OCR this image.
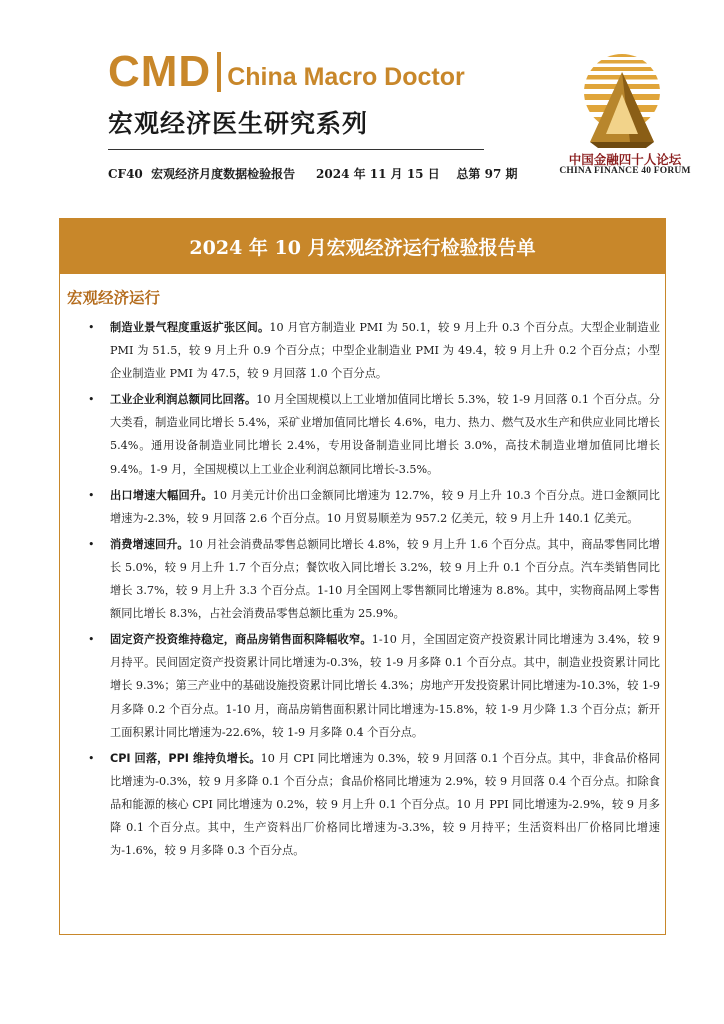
CMD China Macro Doctor
宏观经济医生研究系列
CF40  宏观经济月度数据检验报告     2024 年 11 月 15 日    总第 97 期
中国金融四十人论坛
CHINA FINANCE 40 FORUM
2024 年 10 月宏观经济运行检验报告单
宏观经济运行
• 制造业景气程度重返扩张区间。10 月官方制造业 PMI 为 50.1，较 9 月上升 0.3 个百分点。大型企业制造业 PMI 为 51.5，较 9 月上升 0.9 个百分点；中型企业制造业 PMI 为 49.4，较 9 月上升 0.2 个百分点；小型企业制造业 PMI 为 47.5，较 9 月回落 1.0 个百分点。
• 工业企业利润总额同比回落。10 月全国规模以上工业增加值同比增长 5.3%，较 1-9 月回落 0.1 个百分点。分大类看，制造业同比增长 5.4%，采矿业增加值同比增长 4.6%，电力、热力、燃气及水生产和供应业同比增长 5.4%。通用设备制造业同比增长 2.4%，专用设备制造业同比增长 3.0%，高技术制造业增加值同比增长 9.4%。1-9 月，全国规模以上工业企业利润总额同比增长-3.5%。
• 出口增速大幅回升。10 月美元计价出口金额同比增速为 12.7%，较 9 月上升 10.3 个百分点。进口金额同比增速为-2.3%，较 9 月回落 2.6 个百分点。10 月贸易顺差为 957.2 亿美元，较 9 月上升 140.1 亿美元。
• 消费增速回升。10 月社会消费品零售总额同比增长 4.8%，较 9 月上升 1.6 个百分点。其中，商品零售同比增长 5.0%，较 9 月上升 1.7 个百分点；餐饮收入同比增长 3.2%，较 9 月上升 0.1 个百分点。汽车类销售同比增长 3.7%，较 9 月上升 3.3 个百分点。1-10 月全国网上零售额同比增速为 8.8%。其中，实物商品网上零售额同比增长 8.3%，占社会消费品零售总额比重为 25.9%。
• 固定资产投资维持稳定，商品房销售面积降幅收窄。1-10 月，全国固定资产投资累计同比增速为 3.4%，较 9 月持平。民间固定资产投资累计同比增速为-0.3%，较 1-9 月多降 0.1 个百分点。其中，制造业投资累计同比增长 9.3%；第三产业中的基础设施投资累计同比增长 4.3%；房地产开发投资累计同比增速为-10.3%，较 1-9 月多降 0.2 个百分点。1-10 月，商品房销售面积累计同比增速为-15.8%，较 1-9 月少降 1.3 个百分点；新开工面积累计同比增速为-22.6%，较 1-9 月多降 0.4 个百分点。
• CPI 回落，PPI 维持负增长。10 月 CPI 同比增速为 0.3%，较 9 月回落 0.1 个百分点。其中，非食品价格同比增速为-0.3%，较 9 月多降 0.1 个百分点；食品价格同比增速为 2.9%，较 9 月回落 0.4 个百分点。扣除食品和能源的核心 CPI 同比增速为 0.2%，较 9 月上升 0.1 个百分点。10 月 PPI 同比增速为-2.9%，较 9 月多降 0.1 个百分点。其中，生产资料出厂价格同比增速为-3.3%，较 9 月持平；生活资料出厂价格同比增速为-1.6%，较 9 月多降 0.3 个百分点。
